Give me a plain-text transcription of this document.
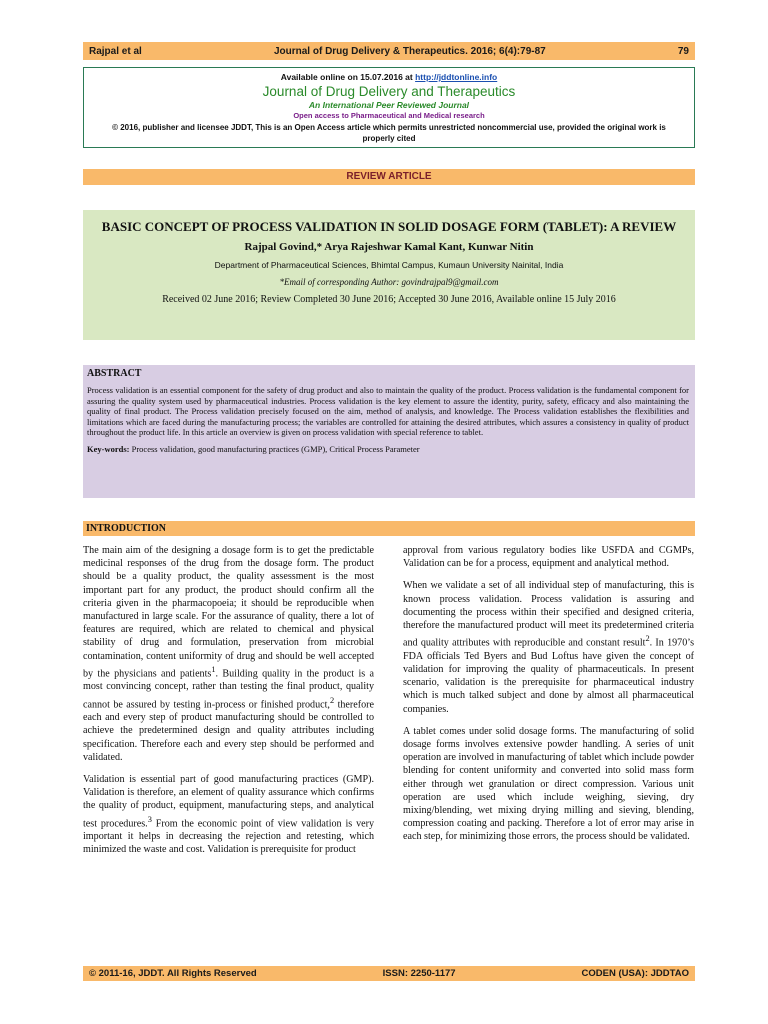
Rajpal et al	Journal of Drug Delivery & Therapeutics. 2016; 6(4):79-87	79
Available online on 15.07.2016 at http://jddtonline.info
Journal of Drug Delivery and Therapeutics
An International Peer Reviewed Journal
Open access to Pharmaceutical and Medical research
© 2016, publisher and licensee JDDT, This is an Open Access article which permits unrestricted noncommercial use, provided the original work is properly cited
REVIEW ARTICLE
BASIC CONCEPT OF PROCESS VALIDATION IN SOLID DOSAGE FORM (TABLET): A REVIEW
Rajpal Govind,* Arya Rajeshwar Kamal Kant, Kunwar Nitin
Department of Pharmaceutical Sciences, Bhimtal Campus, Kumaun University Nainital, India
*Email of corresponding Author: govindrajpal9@gmail.com
Received 02 June 2016; Review Completed 30 June 2016; Accepted 30 June 2016, Available online 15 July 2016
ABSTRACT
Process validation is an essential component for the safety of drug product and also to maintain the quality of the product. Process validation is the fundamental component for assuring the quality system used by pharmaceutical industries. Process validation is the key element to assure the identity, purity, safety, efficacy and also maintaining the quality of final product. The Process validation precisely focused on the aim, method of analysis, and knowledge. The Process validation establishes the flexibilities and limitations which are faced during the manufacturing process; the variables are controlled for attaining the desired attributes, which assures a consistency in quality of product throughout the product life. In this article an overview is given on process validation with special reference to tablet.
Key-words: Process validation, good manufacturing practices (GMP), Critical Process Parameter
INTRODUCTION

The main aim of the designing a dosage form is to get the predictable medicinal responses of the drug from the dosage form. The product should be a quality product, the quality assessment is the most important part for any product, the product should confirm all the criteria given in the pharmacopoeia; it should be reproducible when manufactured in large scale. For the assurance of quality, there a lot of features are required, which are related to chemical and physical stability of drug and formulation, preservation from microbial contamination, content uniformity of drug and should be well accepted by the physicians and patients$^1$. Building quality in the product is a most convincing concept, rather than testing the final product, quality cannot be assured by testing in-process or finished product,$^2$ therefore each and every step of product manufacturing should be controlled to achieve the predetermined design and quality attributes including specification. Therefore each and every step should be performed and validated.

Validation is essential part of good manufacturing practices (GMP). Validation is therefore, an element of quality assurance which confirms the quality of product, equipment, manufacturing steps, and analytical test procedures.$^3$ From the economic point of view validation is very important it helps in decreasing the rejection and retesting, which minimized the waste and cost. Validation is prerequisite for product

approval from various regulatory bodies like USFDA and CGMPs, Validation can be for a process, equipment and analytical method.

When we validate a set of all individual step of manufacturing, this is known process validation. Process validation is assuring and documenting the process within their specified and designed criteria, therefore the manufactured product will meet its predetermined criteria and quality attributes with reproducible and constant result$^2$. In 1970’s FDA officials Ted Byers and Bud Loftus have given the concept of validation for improving the quality of pharmaceuticals. In present scenario, validation is the prerequisite for pharmaceutical industry which is much talked subject and done by almost all pharmaceutical companies.

A tablet comes under solid dosage forms. The manufacturing of solid dosage forms involves extensive powder handling. A series of unit operation are involved in manufacturing of tablet which include powder blending for content uniformity and converted into solid mass form either through wet granulation or direct compression. Various unit operation are used which include weighing, sieving, dry mixing/blending, wet mixing drying milling and sieving, blending, compression coating and packing. Therefore a lot of error may arise in each step, for minimizing those errors, the process should be validated.

© 2011-16, JDDT. All Rights Reserved	ISSN: 2250-1177	CODEN (USA): JDDTAO
